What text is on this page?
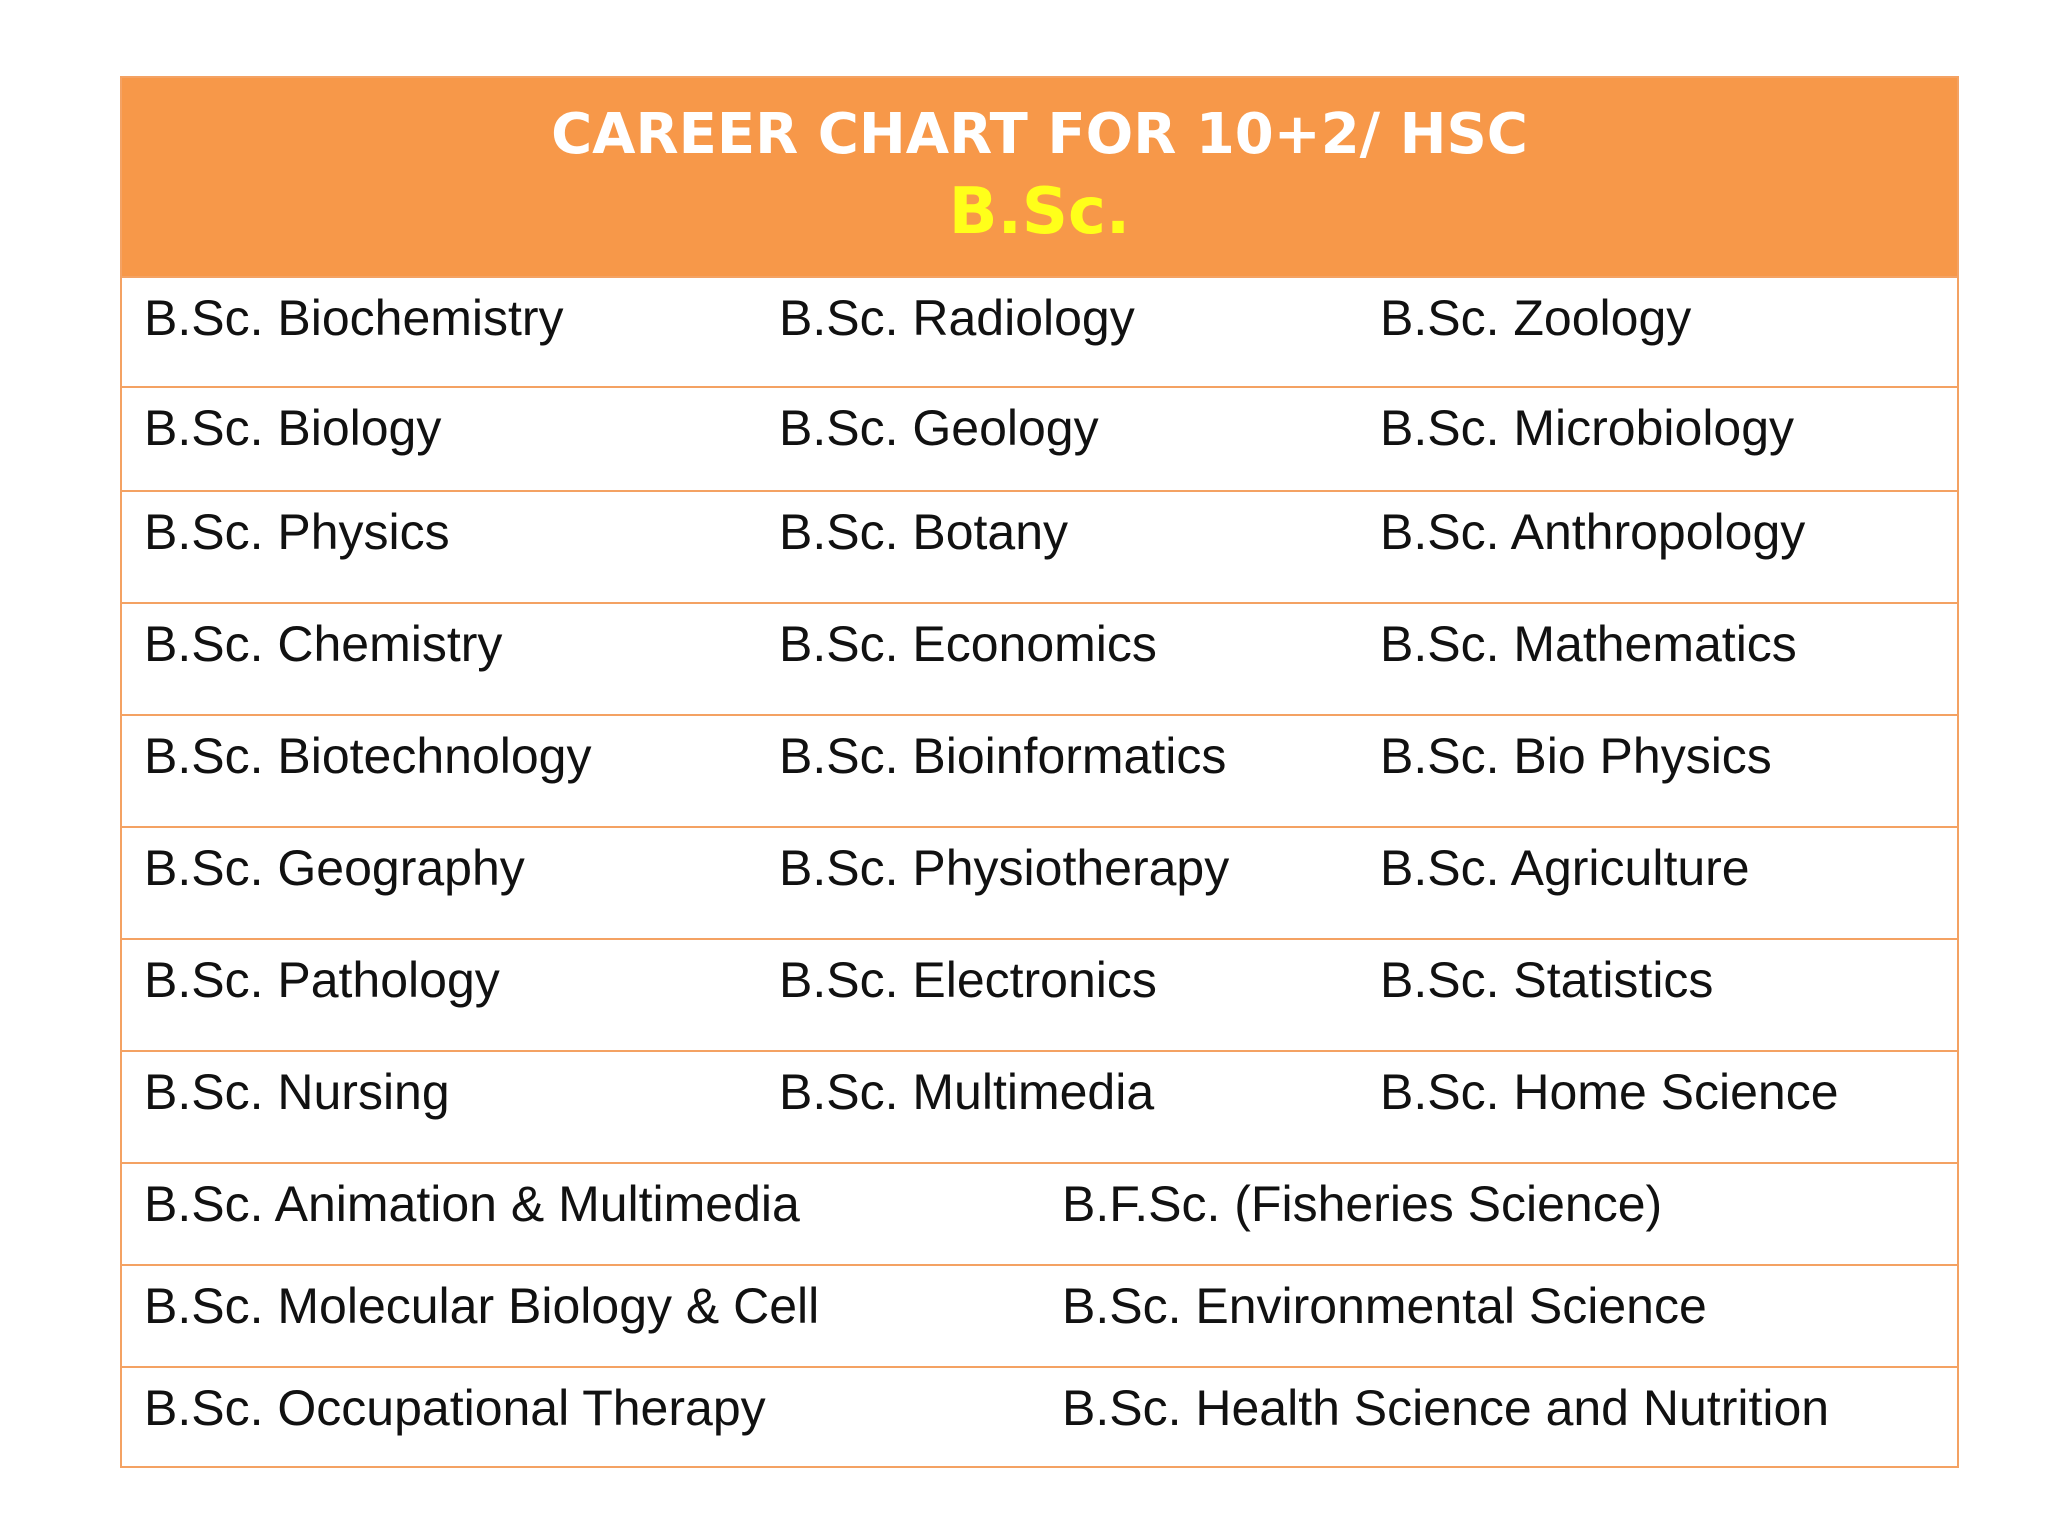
CAREER CHART FOR 10+2/ HSC
B.Sc.
B.Sc. Biochemistry	B.Sc. Radiology	B.Sc. Zoology
B.Sc. Biology	B.Sc. Geology	B.Sc. Microbiology
B.Sc. Physics	B.Sc. Botany	B.Sc. Anthropology
B.Sc. Chemistry	B.Sc. Economics	B.Sc. Mathematics
B.Sc. Biotechnology	B.Sc. Bioinformatics	B.Sc. Bio Physics
B.Sc. Geography	B.Sc. Physiotherapy	B.Sc. Agriculture
B.Sc. Pathology	B.Sc. Electronics	B.Sc. Statistics
B.Sc. Nursing	B.Sc. Multimedia	B.Sc. Home Science
B.Sc. Animation & Multimedia	B.F.Sc. (Fisheries Science)
B.Sc. Molecular Biology & Cell	B.Sc. Environmental Science
B.Sc. Occupational Therapy	B.Sc. Health Science and Nutrition
